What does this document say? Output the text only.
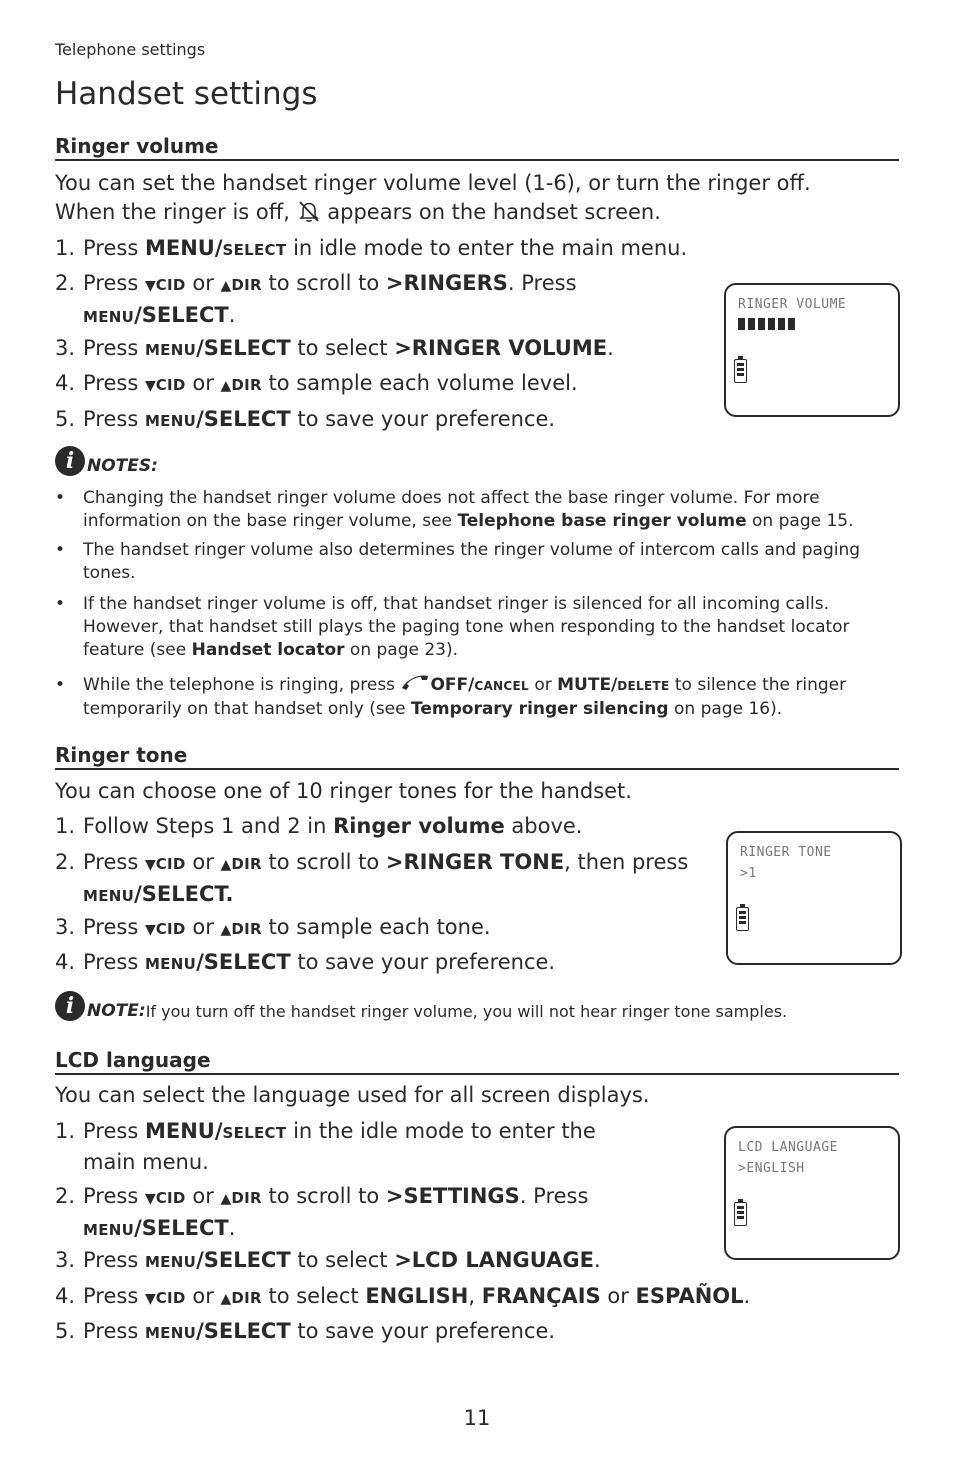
Telephone settings
Handset settings
Ringer volume
You can set the handset ringer volume level (1-6), or turn the ringer off.
When the ringer is off, appears on the handset screen.
1. Press MENU/SELECT in idle mode to enter the main menu.
2. Press ▼CID or ▲DIR to scroll to >RINGERS. Press
MENU/SELECT.
3. Press MENU/SELECT to select >RINGER VOLUME.
4. Press ▼CID or ▲DIR to sample each volume level.
5. Press MENU/SELECT to save your preference.
RINGER VOLUME
i NOTES:
•	Changing the handset ringer volume does not affect the base ringer volume. For more information on the base ringer volume, see Telephone base ringer volume on page 15.
•	The handset ringer volume also determines the ringer volume of intercom calls and paging tones.
•	If the handset ringer volume is off, that handset ringer is silenced for all incoming calls. However, that handset still plays the paging tone when responding to the handset locator feature (see Handset locator on page 23).
•	While the telephone is ringing, press OFF/CANCEL or MUTE/DELETE to silence the ringer temporarily on that handset only (see Temporary ringer silencing on page 16).
Ringer tone
You can choose one of 10 ringer tones for the handset.
1. Follow Steps 1 and 2 in Ringer volume above.
2. Press ▼CID or ▲DIR to scroll to >RINGER TONE, then press
MENU/SELECT.
3. Press ▼CID or ▲DIR to sample each tone.
4. Press MENU/SELECT to save your preference.
RINGER TONE
>1
i NOTE: If you turn off the handset ringer volume, you will not hear ringer tone samples.
LCD language
You can select the language used for all screen displays.
1. Press MENU/SELECT in the idle mode to enter the
main menu.
2. Press ▼CID or ▲DIR to scroll to >SETTINGS. Press
MENU/SELECT.
3. Press MENU/SELECT to select >LCD LANGUAGE.
4. Press ▼CID or ▲DIR to select ENGLISH, FRANÇAIS or ESPAÑOL.
5. Press MENU/SELECT to save your preference.
LCD LANGUAGE
>ENGLISH
11
